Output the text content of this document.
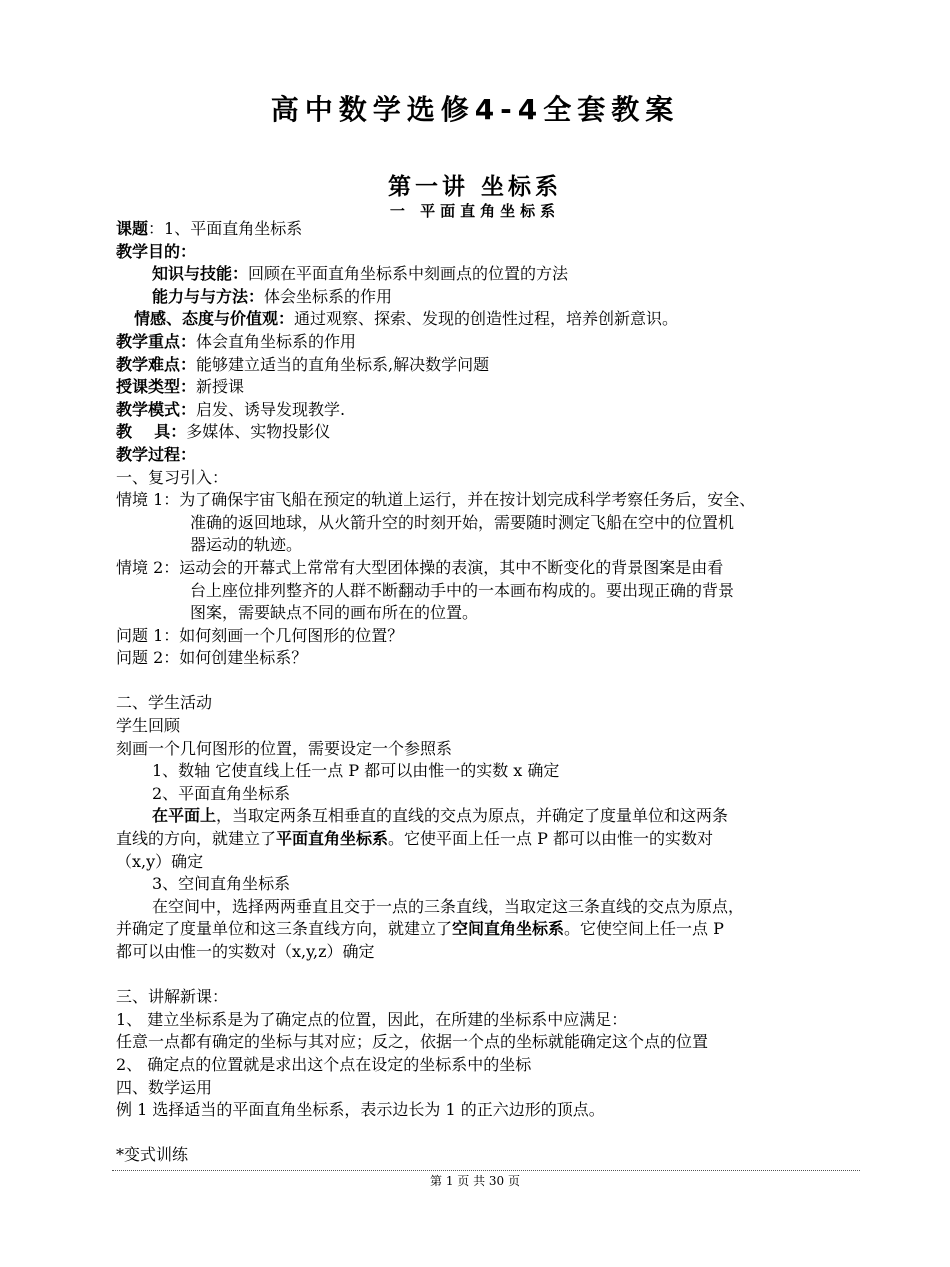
高中数学选修4-4全套教案
第一讲 坐标系
一 平面直角坐标系
课题：1、平面直角坐标系
教学目的：
知识与技能：回顾在平面直角坐标系中刻画点的位置的方法
能力与与方法：体会坐标系的作用
情感、态度与价值观：通过观察、探索、发现的创造性过程，培养创新意识。
教学重点：体会直角坐标系的作用
教学难点：能够建立适当的直角坐标系,解决数学问题
授课类型：新授课
教学模式：启发、诱导发现教学.
教    具：多媒体、实物投影仪
教学过程：
一、复习引入：
情境 1：为了确保宇宙飞船在预定的轨道上运行，并在按计划完成科学考察任务后，安全、
准确的返回地球，从火箭升空的时刻开始，需要随时测定飞船在空中的位置机
器运动的轨迹。
情境 2：运动会的开幕式上常常有大型团体操的表演，其中不断变化的背景图案是由看
台上座位排列整齐的人群不断翻动手中的一本画布构成的。要出现正确的背景
图案，需要缺点不同的画布所在的位置。
问题 1：如何刻画一个几何图形的位置？
问题 2：如何创建坐标系？
二、学生活动
学生回顾
刻画一个几何图形的位置，需要设定一个参照系
1、数轴 它使直线上任一点 P 都可以由惟一的实数 x 确定
2、平面直角坐标系
在平面上，当取定两条互相垂直的直线的交点为原点，并确定了度量单位和这两条
直线的方向，就建立了平面直角坐标系。它使平面上任一点 P 都可以由惟一的实数对
（x,y）确定
3、空间直角坐标系
在空间中，选择两两垂直且交于一点的三条直线，当取定这三条直线的交点为原点，
并确定了度量单位和这三条直线方向，就建立了空间直角坐标系。它使空间上任一点 P
都可以由惟一的实数对（x,y,z）确定
三、讲解新课：
1、 建立坐标系是为了确定点的位置，因此，在所建的坐标系中应满足：
任意一点都有确定的坐标与其对应；反之，依据一个点的坐标就能确定这个点的位置
2、 确定点的位置就是求出这个点在设定的坐标系中的坐标
四、数学运用
例 1 选择适当的平面直角坐标系，表示边长为 1 的正六边形的顶点。
*变式训练
第 1 页 共 30 页
